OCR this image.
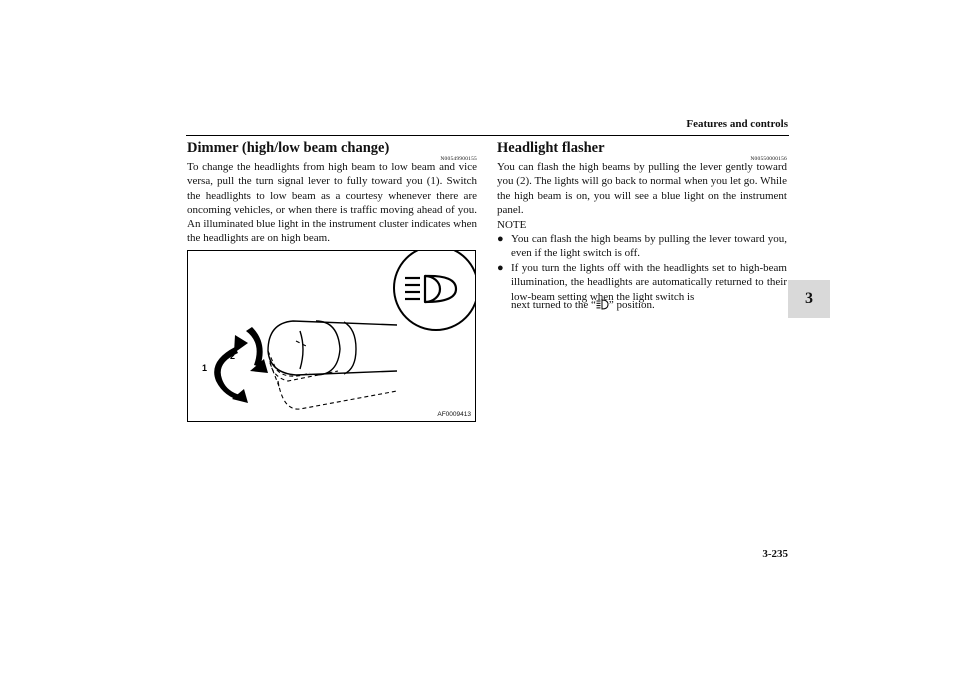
Features and controls
3
Dimmer (high/low beam change)
N00549900155
To change the headlights from high beam to low beam and vice versa, pull the turn signal lever to fully toward you (1). Switch the headlights to low beam as a courtesy whenever there are oncoming vehicles, or when there is traffic moving ahead of you. An illuminated blue light in the instrument cluster indicates when the headlights are on high beam.
1
2
AF0009413
Headlight flasher
N00550000156
You can flash the high beams by pulling the lever gently toward you (2). The lights will go back to normal when you let go. While the high beam is on, you will see a blue light on the instrument panel.
NOTE
● You can flash the high beams by pulling the lever toward you, even if the light switch is off.
● If you turn the lights off with the headlights set to high-beam illumination, the headlights are automatically returned to their low-beam setting when the light switch is
next turned to the “ ” position.
3-235
